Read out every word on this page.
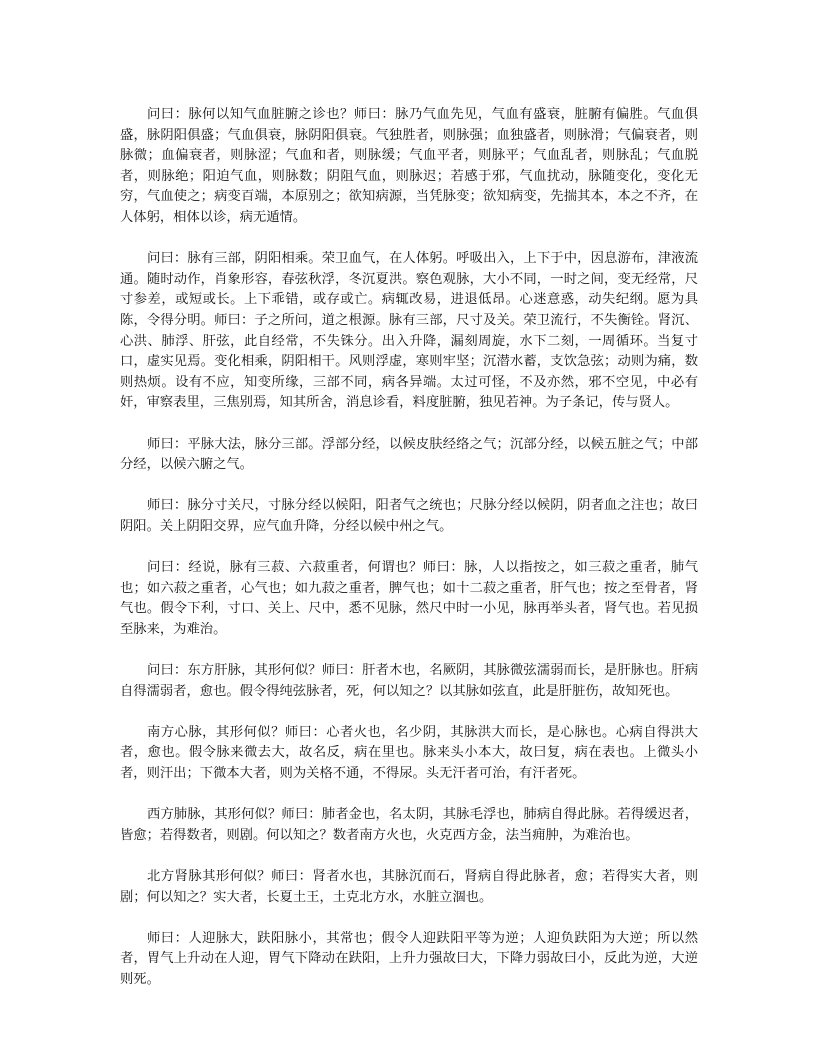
问曰：脉何以知气血脏腑之诊也？师曰：脉乃气血先见，气血有盛衰，脏腑有偏胜。气血俱盛，脉阴阳俱盛；气血俱衰，脉阴阳俱衰。气独胜者，则脉强；血独盛者，则脉滑；气偏衰者，则脉微；血偏衰者，则脉涩；气血和者，则脉缓；气血平者，则脉平；气血乱者，则脉乱；气血脱者，则脉绝；阳迫气血，则脉数；阴阻气血，则脉迟；若感于邪，气血扰动，脉随变化，变化无穷，气血使之；病变百端，本原别之；欲知病源，当凭脉变；欲知病变，先揣其本，本之不齐，在人体躬，相体以诊，病无遁情。

问曰：脉有三部，阴阳相乘。荣卫血气，在人体躬。呼吸出入，上下于中，因息游布，津液流通。随时动作，肖象形容，春弦秋浮，冬沉夏洪。察色观脉，大小不同，一时之间，变无经常，尺寸参差，或短或长。上下乖错，或存或亡。病辄改易，进退低昂。心迷意惑，动失纪纲。愿为具陈，令得分明。师曰：子之所问，道之根源。脉有三部，尺寸及关。荣卫流行，不失衡铨。肾沉、心洪、肺浮、肝弦，此自经常，不失铢分。出入升降，漏刻周旋，水下二刻，一周循环。当复寸口，虚实见焉。变化相乘，阴阳相干。风则浮虚，寒则牢坚；沉潜水蓄，支饮急弦；动则为痛，数则热烦。设有不应，知变所缘，三部不同，病各异端。太过可怪，不及亦然，邪不空见，中必有奸，审察表里，三焦别焉，知其所舍，消息诊看，料度脏腑，独见若神。为子条记，传与贤人。

师曰：平脉大法，脉分三部。浮部分经，以候皮肤经络之气；沉部分经，以候五脏之气；中部分经，以候六腑之气。

师曰：脉分寸关尺，寸脉分经以候阳，阳者气之统也；尺脉分经以候阴，阴者血之注也；故曰阴阳。关上阴阳交界，应气血升降，分经以候中州之气。

问曰：经说，脉有三菽、六菽重者，何谓也？师曰：脉，人以指按之，如三菽之重者，肺气也；如六菽之重者，心气也；如九菽之重者，脾气也；如十二菽之重者，肝气也；按之至骨者，肾气也。假令下利，寸口、关上、尺中，悉不见脉，然尺中时一小见，脉再举头者，肾气也。若见损至脉来，为难治。

问曰：东方肝脉，其形何似？师曰：肝者木也，名厥阴，其脉微弦濡弱而长，是肝脉也。肝病自得濡弱者，愈也。假令得纯弦脉者，死，何以知之？以其脉如弦直，此是肝脏伤，故知死也。

南方心脉，其形何似？师曰：心者火也，名少阴，其脉洪大而长，是心脉也。心病自得洪大者，愈也。假令脉来微去大，故名反，病在里也。脉来头小本大，故曰复，病在表也。上微头小者，则汗出；下微本大者，则为关格不通，不得尿。头无汗者可治，有汗者死。

西方肺脉，其形何似？师曰：肺者金也，名太阴，其脉毛浮也，肺病自得此脉。若得缓迟者，皆愈；若得数者，则剧。何以知之？数者南方火也，火克西方金，法当痈肿，为难治也。

北方肾脉其形何似？师曰：肾者水也，其脉沉而石，肾病自得此脉者，愈；若得实大者，则剧；何以知之？实大者，长夏土王，土克北方水，水脏立涸也。

师曰：人迎脉大，趺阳脉小，其常也；假令人迎趺阳平等为逆；人迎负趺阳为大逆；所以然者，胃气上升动在人迎，胃气下降动在趺阳，上升力强故曰大，下降力弱故曰小，反此为逆，大逆则死。
